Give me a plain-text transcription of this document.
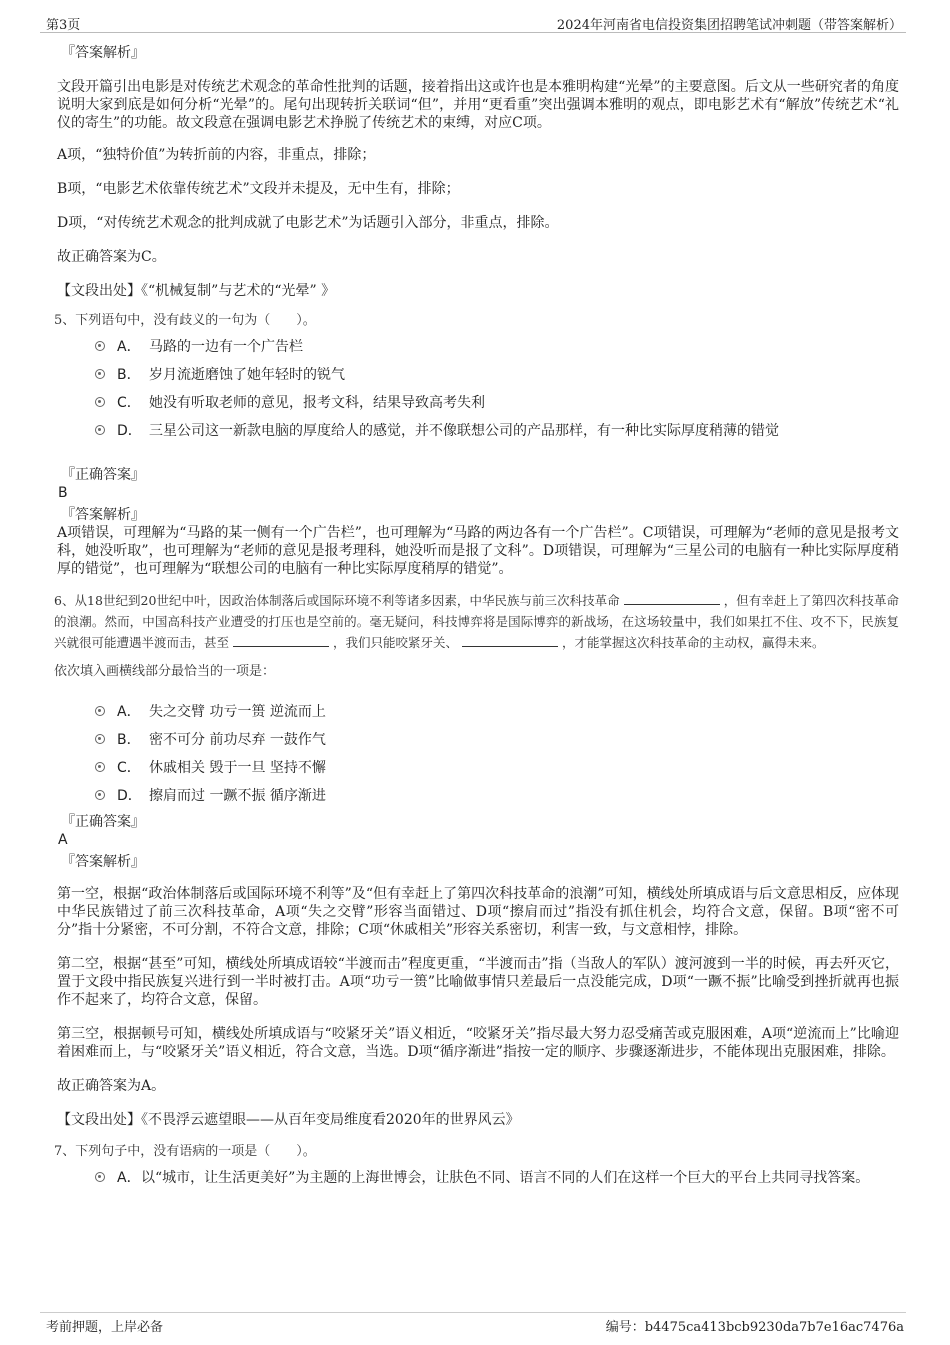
第3页	2024年河南省电信投资集团招聘笔试冲刺题（带答案解析）

『答案解析』

文段开篇引出电影是对传统艺术观念的革命性批判的话题，接着指出这或许也是本雅明构建“光晕”的主要意图。后文从一些研究者的角度说明大家到底是如何分析“光晕”的。尾句出现转折关联词“但”，并用“更看重”突出强调本雅明的观点，即电影艺术有“解放”传统艺术“礼仪的寄生”的功能。故文段意在强调电影艺术挣脱了传统艺术的束缚，对应C项。

A项，“独特价值”为转折前的内容，非重点，排除；

B项，“电影艺术依靠传统艺术”文段并未提及，无中生有，排除；

D项，“对传统艺术观念的批判成就了电影艺术”为话题引入部分，非重点，排除。

故正确答案为C。

【文段出处】《“机械复制”与艺术的“光晕” 》

5、下列语句中，没有歧义的一句为（　　）。

A． 马路的一边有一个广告栏
B． 岁月流逝磨蚀了她年轻时的锐气
C． 她没有听取老师的意见，报考文科，结果导致高考失利
D． 三星公司这一新款电脑的厚度给人的感觉，并不像联想公司的产品那样，有一种比实际厚度稍薄的错觉

『正确答案』

B

『答案解析』

A项错误，可理解为“马路的某一侧有一个广告栏”，也可理解为“马路的两边各有一个广告栏”。C项错误，可理解为“老师的意见是报考文科，她没听取”，也可理解为“老师的意见是报考理科，她没听而是报了文科”。D项错误，可理解为“三星公司的电脑有一种比实际厚度稍厚的错觉”，也可理解为“联想公司的电脑有一种比实际厚度稍厚的错觉”。

6、从18世纪到20世纪中叶，因政治体制落后或国际环境不利等诸多因素，中华民族与前三次科技革命	，但有幸赶上了第四次科技革命的浪潮。然而，中国高科技产业遭受的打压也是空前的。毫无疑问，科技博弈将是国际博弈的新战场，在这场较量中，我们如果扛不住、攻不下，民族复兴就很可能遭遇半渡而击，甚至	，我们只能咬紧牙关、	，才能掌握这次科技革命的主动权，赢得未来。

依次填入画横线部分最恰当的一项是：

A． 失之交臂 功亏一篑 逆流而上
B． 密不可分 前功尽弃 一鼓作气
C． 休戚相关 毁于一旦 坚持不懈
D． 擦肩而过 一蹶不振 循序渐进

『正确答案』

A

『答案解析』

第一空，根据“政治体制落后或国际环境不利等”及“但有幸赶上了第四次科技革命的浪潮”可知，横线处所填成语与后文意思相反，应体现中华民族错过了前三次科技革命，A项“失之交臂”形容当面错过、D项“擦肩而过”指没有抓住机会，均符合文意，保留。B项“密不可分”指十分紧密，不可分割，不符合文意，排除；C项“休戚相关”形容关系密切，利害一致，与文意相悖，排除。

第二空，根据“甚至”可知，横线处所填成语较“半渡而击”程度更重，“半渡而击”指（当敌人的军队）渡河渡到一半的时候，再去歼灭它，置于文段中指民族复兴进行到一半时被打击。A项“功亏一篑”比喻做事情只差最后一点没能完成，D项“一蹶不振”比喻受到挫折就再也振作不起来了，均符合文意，保留。

第三空，根据顿号可知，横线处所填成语与“咬紧牙关”语义相近，“咬紧牙关”指尽最大努力忍受痛苦或克服困难，A项“逆流而上”比喻迎着困难而上，与“咬紧牙关”语义相近，符合文意，当选。D项“循序渐进”指按一定的顺序、步骤逐渐进步，不能体现出克服困难，排除。

故正确答案为A。

【文段出处】《不畏浮云遮望眼——从百年变局维度看2020年的世界风云》

7、下列句子中，没有语病的一项是（　　）。

A．以“城市，让生活更美好”为主题的上海世博会，让肤色不同、语言不同的人们在这样一个巨大的平台上共同寻找答案。
考前押题，上岸必备	编号：b4475ca413bcb9230da7b7e16ac7476a
